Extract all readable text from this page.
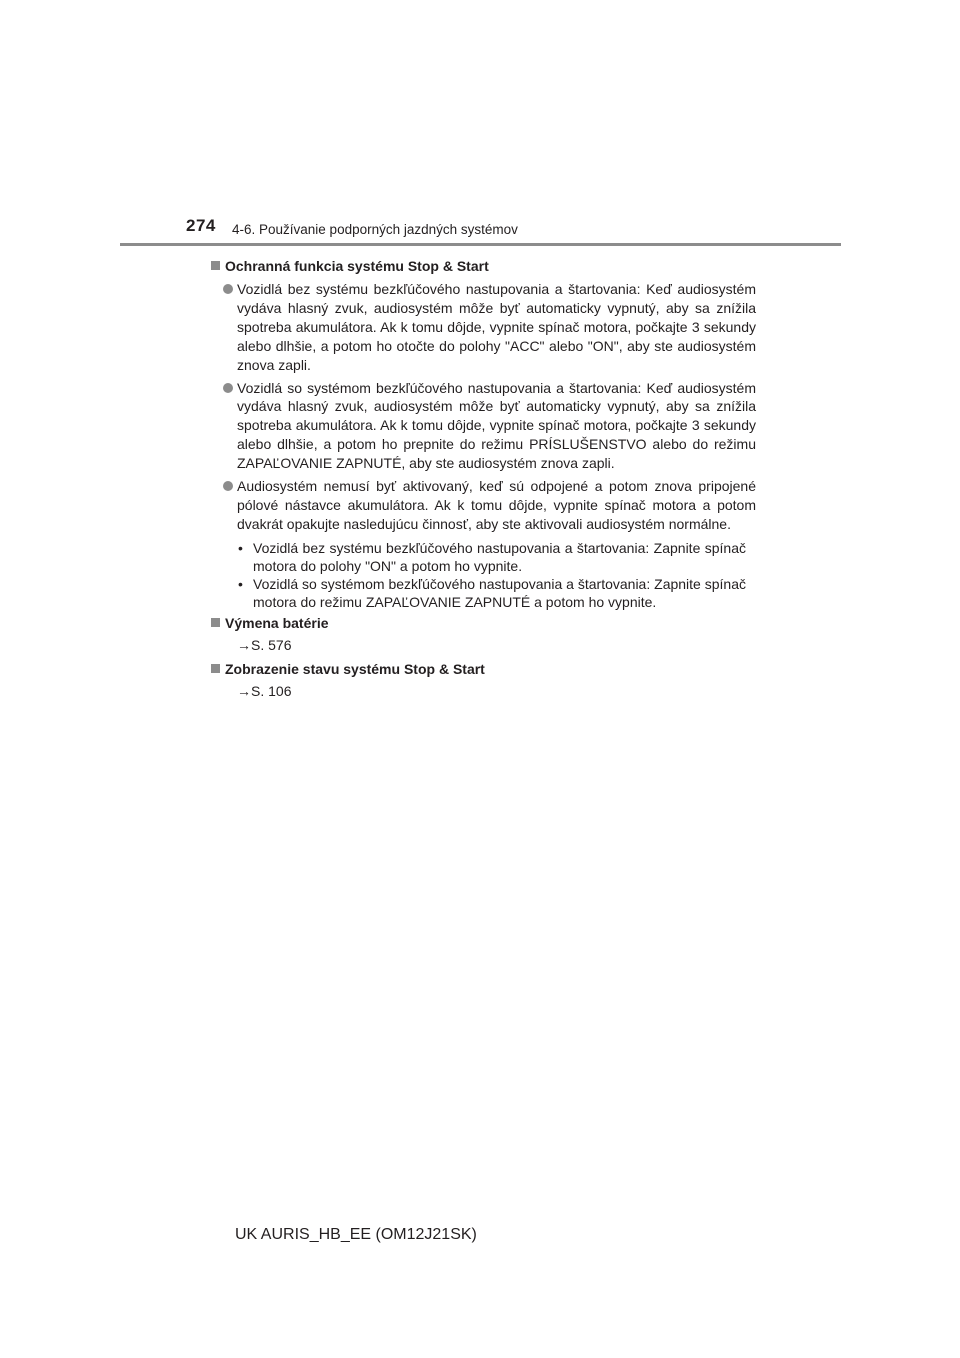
274 4-6. Používanie podporných jazdných systémov
Ochranná funkcia systému Stop & Start
Vozidlá bez systému bezkľúčového nastupovania a štartovania: Keď audiosystém vydáva hlasný zvuk, audiosystém môže byť automaticky vypnutý, aby sa znížila spotreba akumulátora. Ak k tomu dôjde, vypnite spínač motora, počkajte 3 sekundy alebo dlhšie, a potom ho otočte do polohy "ACC" alebo "ON", aby ste audiosystém znova zapli.
Vozidlá so systémom bezkľúčového nastupovania a štartovania: Keď audiosystém vydáva hlasný zvuk, audiosystém môže byť automaticky vypnutý, aby sa znížila spotreba akumulátora. Ak k tomu dôjde, vypnite spínač motora, počkajte 3 sekundy alebo dlhšie, a potom ho prepnite do režimu PRÍSLUŠENSTVO alebo do režimu ZAPAĽOVANIE ZAPNUTÉ, aby ste audiosystém znova zapli.
Audiosystém nemusí byť aktivovaný, keď sú odpojené a potom znova pripojené pólové nástavce akumulátora. Ak k tomu dôjde, vypnite spínač motora a potom dvakrát opakujte nasledujúcu činnosť, aby ste aktivovali audiosystém normálne.
• Vozidlá bez systému bezkľúčového nastupovania a štartovania: Zapnite spínač motora do polohy "ON" a potom ho vypnite.
• Vozidlá so systémom bezkľúčového nastupovania a štartovania: Zapnite spínač motora do režimu ZAPAĽOVANIE ZAPNUTÉ a potom ho vypnite.
Výmena batérie
→S. 576
Zobrazenie stavu systému Stop & Start
→S. 106
UK AURIS_HB_EE (OM12J21SK)
